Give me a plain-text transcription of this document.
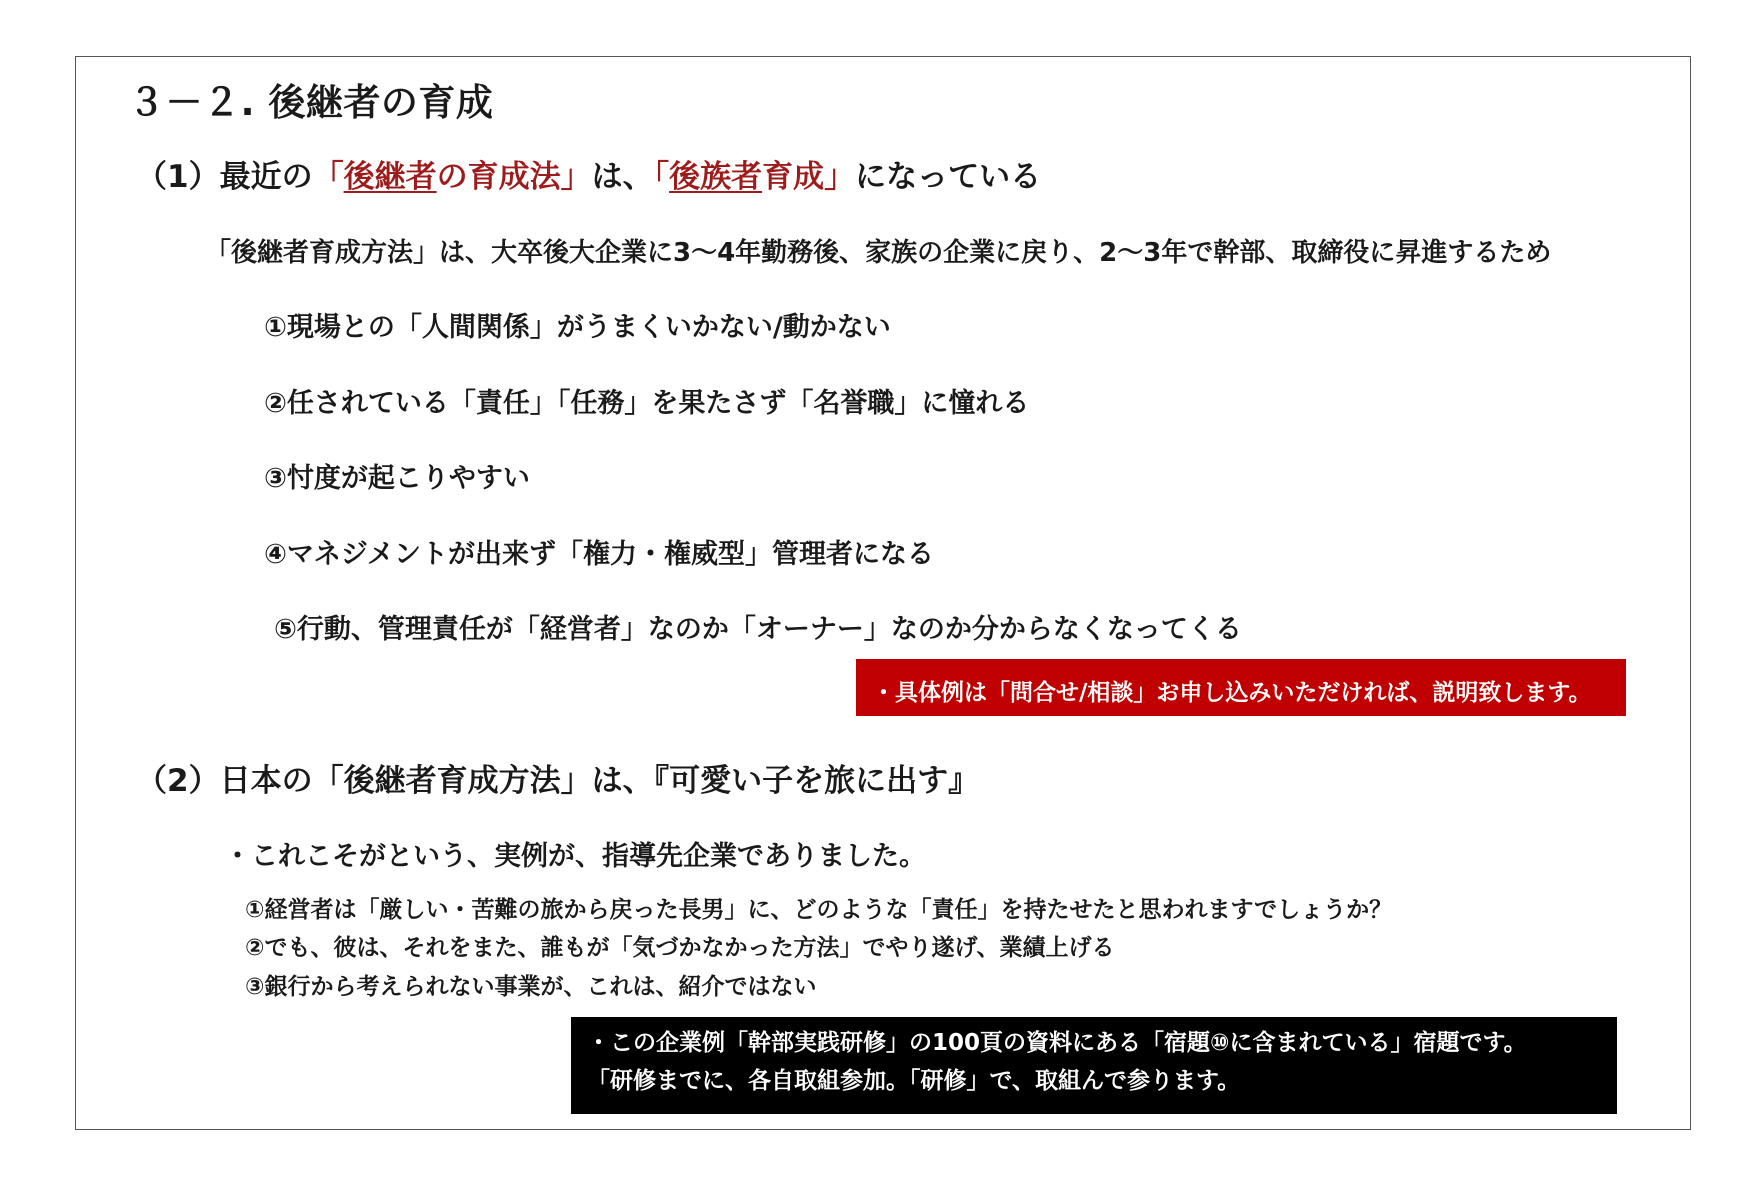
３－２. 後継者の育成
（1）最近の「後継者の育成法」は、「後族者育成」になっている
「後継者育成方法」は、大卒後大企業に3～4年勤務後、家族の企業に戻り、2～3年で幹部、取締役に昇進するため
①現場との「人間関係」がうまくいかない/動かない
②任されている「責任」「任務」を果たさず「名誉職」に憧れる
③忖度が起こりやすい
④マネジメントが出来ず「権力・権威型」管理者になる
⑤行動、管理責任が「経営者」なのか「オーナー」なのか分からなくなってくる
・具体例は「問合せ/相談」お申し込みいただければ、説明致します。
（2）日本の「後継者育成方法」は、『可愛い子を旅に出す』
・これこそがという、実例が、指導先企業でありました。
①経営者は「厳しい・苦難の旅から戻った長男」に、どのような「責任」を持たせたと思われますでしょうか？
②でも、彼は、それをまた、誰もが「気づかなかった方法」でやり遂げ、業績上げる
③銀行から考えられない事業が、これは、紹介ではない
・この企業例「幹部実践研修」の100頁の資料にある「宿題⑩に含まれている」宿題です。
「研修までに、各自取組参加。「研修」で、取組んで参ります。
